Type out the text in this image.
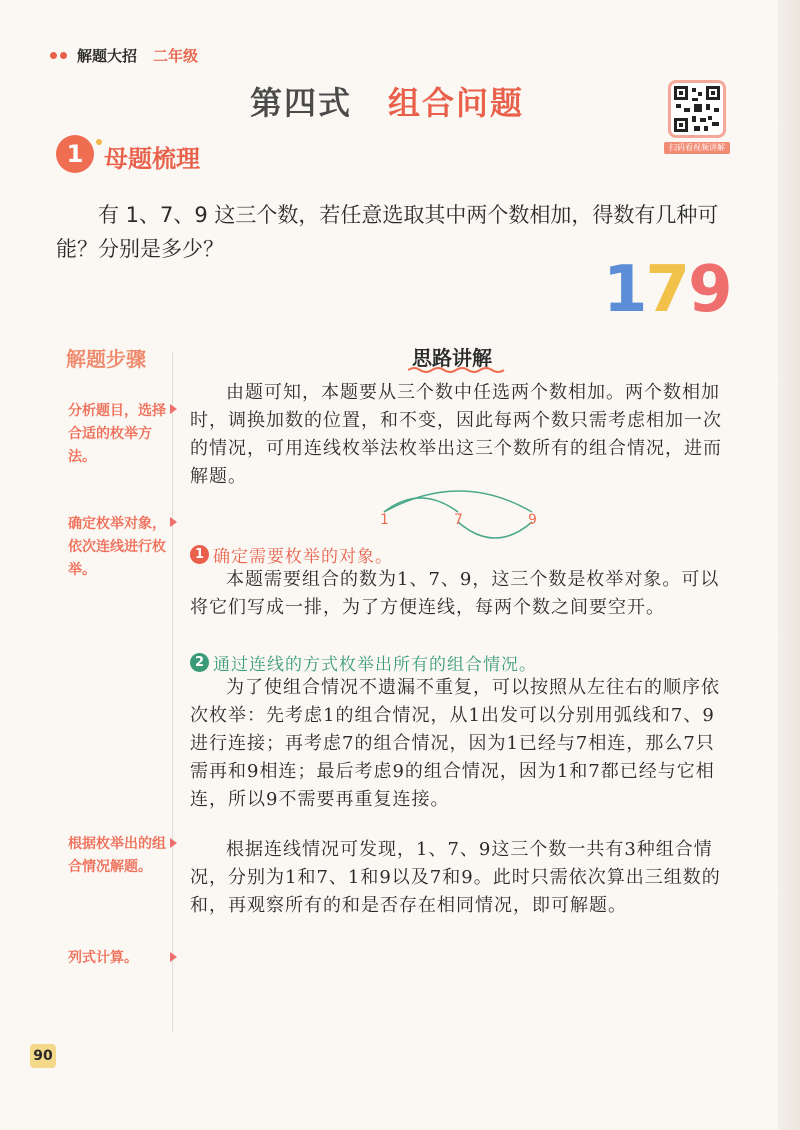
解题大招 二年级
第四式 组合问题
扫码看视频讲解
1 母题梳理
有 1、7、9 这三个数，若任意选取其中两个数相加，得数有几种可能？分别是多少？
179
解题步骤
分析题目，选择合适的枚举方法。
确定枚举对象，依次连线进行枚举。
根据枚举出的组合情况解题。
列式计算。
思路讲解
由题可知，本题要从三个数中任选两个数相加。两个数相加时，调换加数的位置，和不变，因此每两个数只需考虑相加一次的情况，可用连线枚举法枚举出这三个数所有的组合情况，进而解题。
1	7	9
1 确定需要枚举的对象。
本题需要组合的数为1、7、9，这三个数是枚举对象。可以将它们写成一排，为了方便连线，每两个数之间要空开。
2 通过连线的方式枚举出所有的组合情况。
为了使组合情况不遗漏不重复，可以按照从左往右的顺序依次枚举：先考虑1的组合情况，从1出发可以分别用弧线和7、9进行连接；再考虑7的组合情况，因为1已经与7相连，那么7只需再和9相连；最后考虑9的组合情况，因为1和7都已经与它相连，所以9不需要再重复连接。
根据连线情况可发现，1、7、9这三个数一共有3种组合情况，分别为1和7、1和9以及7和9。此时只需依次算出三组数的和，再观察所有的和是否存在相同情况，即可解题。
90
